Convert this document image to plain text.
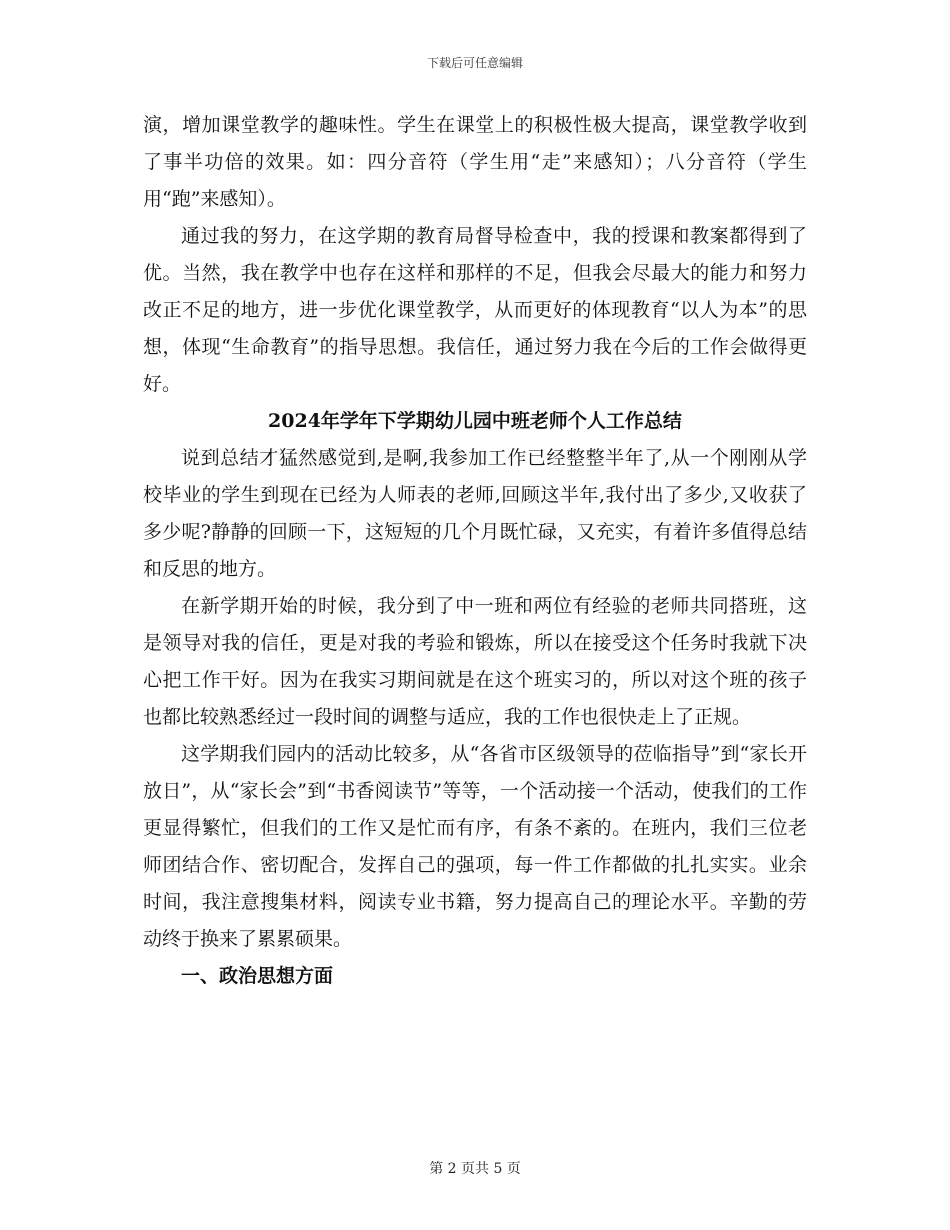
下载后可任意编辑

演，增加课堂教学的趣味性。学生在课堂上的积极性极大提高，课堂教学收到了事半功倍的效果。如：四分音符（学生用“走”来感知）；八分音符（学生用“跑”来感知）。

通过我的努力，在这学期的教育局督导检查中，我的授课和教案都得到了优。当然，我在教学中也存在这样和那样的不足，但我会尽最大的能力和努力改正不足的地方，进一步优化课堂教学，从而更好的体现教育“以人为本”的思想，体现“生命教育”的指导思想。我信任，通过努力我在今后的工作会做得更好。

2024年学年下学期幼儿园中班老师个人工作总结

说到总结才猛然感觉到,是啊,我参加工作已经整整半年了,从一个刚刚从学校毕业的学生到现在已经为人师表的老师,回顾这半年,我付出了多少,又收获了多少呢?静静的回顾一下，这短短的几个月既忙碌，又充实，有着许多值得总结和反思的地方。

在新学期开始的时候，我分到了中一班和两位有经验的老师共同搭班，这是领导对我的信任，更是对我的考验和锻炼，所以在接受这个任务时我就下决心把工作干好。因为在我实习期间就是在这个班实习的，所以对这个班的孩子也都比较熟悉经过一段时间的调整与适应，我的工作也很快走上了正规。

这学期我们园内的活动比较多，从“各省市区级领导的莅临指导”到“家长开放日”，从“家长会”到“书香阅读节”等等，一个活动接一个活动，使我们的工作更显得繁忙，但我们的工作又是忙而有序，有条不紊的。在班内，我们三位老师团结合作、密切配合，发挥自己的强项，每一件工作都做的扎扎实实。业余时间，我注意搜集材料，阅读专业书籍，努力提高自己的理论水平。辛勤的劳动终于换来了累累硕果。

一、政治思想方面

第 2 页共 5 页
